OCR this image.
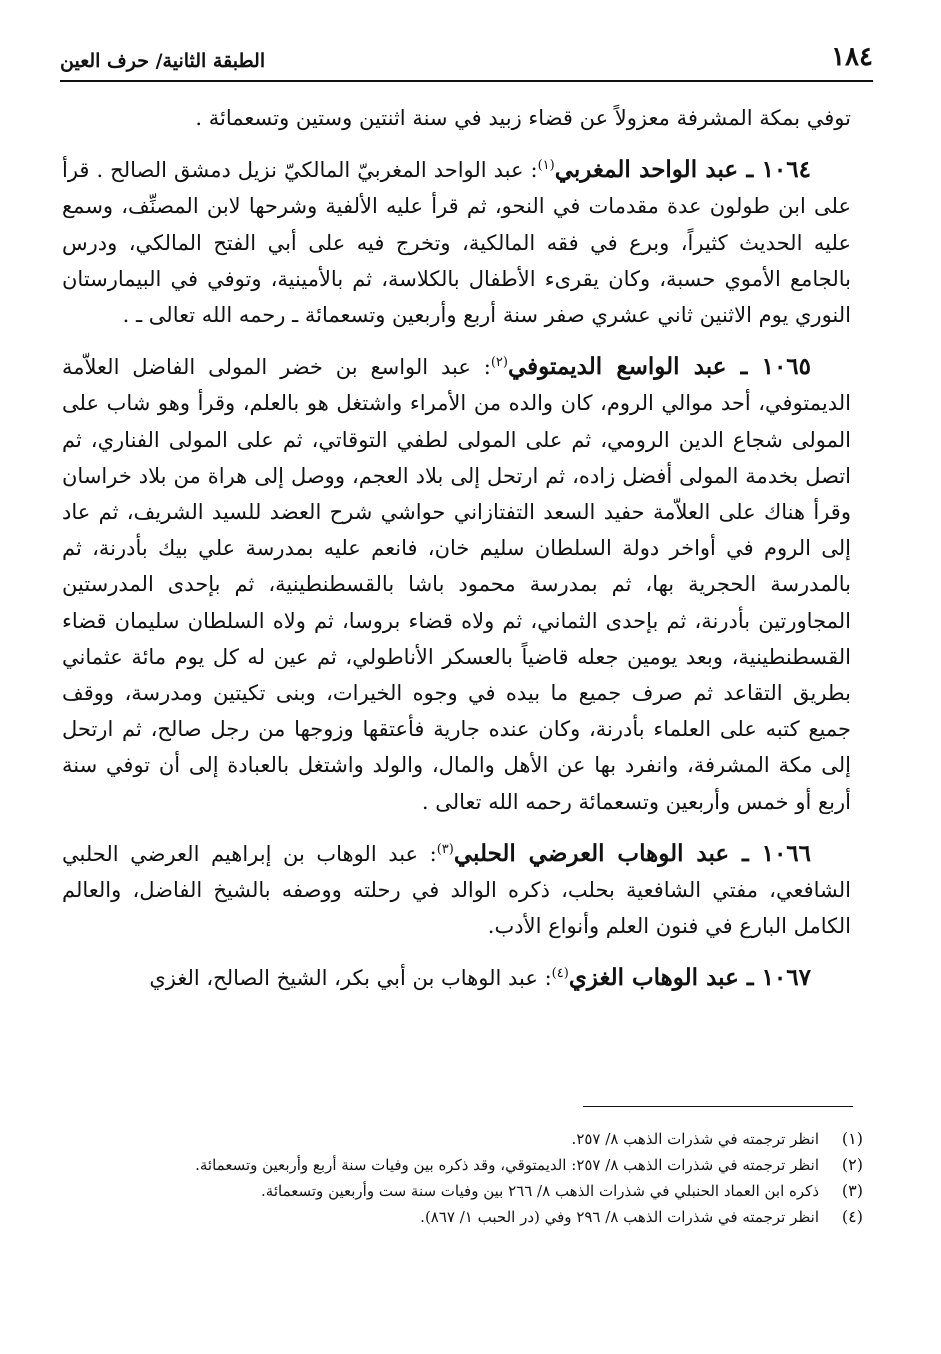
١٨٤
الطبقة الثانية/ حرف العين

توفي بمكة المشرفة معزولاً عن قضاء زبيد في سنة اثنتين وستين وتسعمائة .

١٠٦٤ ـ عبد الواحد المغربي$^{(١)}$: عبد الواحد المغربيّ المالكيّ نزيل دمشق الصالح . قرأ على ابن طولون عدة مقدمات في النحو، ثم قرأ عليه الألفية وشرحها لابن المصنِّف، وسمع عليه الحديث كثيراً، وبرع في فقه المالكية، وتخرج فيه على أبي الفتح المالكي، ودرس بالجامع الأموي حسبة، وكان يقرىء الأطفال بالكلاسة، ثم بالأمينية، وتوفي في البيمارستان النوري يوم الاثنين ثاني عشري صفر سنة أربع وأربعين وتسعمائة ـ رحمه الله تعالى ـ .

١٠٦٥ ـ عبد الواسع الديمتوفي$^{(٢)}$: عبد الواسع بن خضر المولى الفاضل العلاّمة الديمتوفي، أحد موالي الروم، كان والده من الأمراء واشتغل هو بالعلم، وقرأ وهو شاب على المولى شجاع الدين الرومي، ثم على المولى لطفي التوقاتي، ثم على المولى الفناري، ثم اتصل بخدمة المولى أفضل زاده، ثم ارتحل إلى بلاد العجم، ووصل إلى هراة من بلاد خراسان وقرأ هناك على العلاّمة حفيد السعد التفتازاني حواشي شرح العضد للسيد الشريف، ثم عاد إلى الروم في أواخر دولة السلطان سليم خان، فانعم عليه بمدرسة علي بيك بأدرنة، ثم بالمدرسة الحجرية بها، ثم بمدرسة محمود باشا بالقسطنطينية، ثم بإحدى المدرستين المجاورتين بأدرنة، ثم بإحدى الثماني، ثم ولاه قضاء بروسا، ثم ولاه السلطان سليمان قضاء القسطنطينية، وبعد يومين جعله قاضياً بالعسكر الأناطولي، ثم عين له كل يوم مائة عثماني بطريق التقاعد ثم صرف جميع ما بيده في وجوه الخيرات، وبنى تكيتين ومدرسة، ووقف جميع كتبه على العلماء بأدرنة، وكان عنده جارية فأعتقها وزوجها من رجل صالح، ثم ارتحل إلى مكة المشرفة، وانفرد بها عن الأهل والمال، والولد واشتغل بالعبادة إلى أن توفي سنة أربع أو خمس وأربعين وتسعمائة رحمه الله تعالى .

١٠٦٦ ـ عبد الوهاب العرضي الحلبي$^{(٣)}$: عبد الوهاب بن إبراهيم العرضي الحلبي الشافعي، مفتي الشافعية بحلب، ذكره الوالد في رحلته ووصفه بالشيخ الفاضل، والعالم الكامل البارع في فنون العلم وأنواع الأدب.

١٠٦٧ ـ عبد الوهاب الغزي$^{(٤)}$: عبد الوهاب بن أبي بكر، الشيخ الصالح، الغزي

(١)
انظر ترجمته في شذرات الذهب ٨/ ٢٥٧.
(٢)
انظر ترجمته في شذرات الذهب ٨/ ٢٥٧: الديمتوقي، وقد ذكره بين وفيات سنة أربع وأربعين وتسعمائة.
(٣)
ذكره ابن العماد الحنبلي في شذرات الذهب ٨/ ٢٦٦ بين وفيات سنة ست وأربعين وتسعمائة.
(٤)
انظر ترجمته في شذرات الذهب ٨/ ٢٩٦ وفي (در الحبب ١/ ٨٦٧).
